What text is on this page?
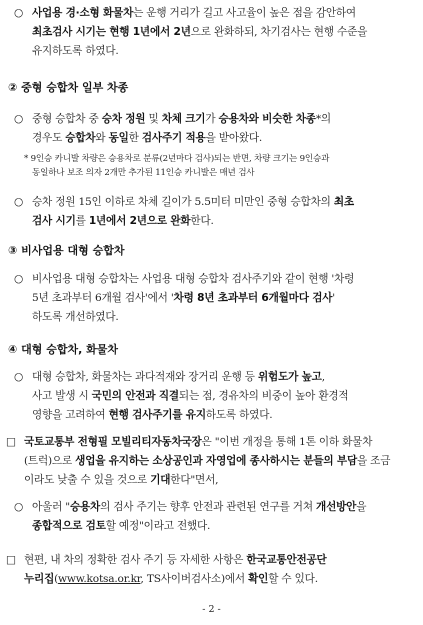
○ 사업용 경·소형 화물차는 운행 거리가 길고 사고율이 높은 점을 감안하여
최초검사 시기는 현행 1년에서 2년으로 완화하되, 차기검사는 현행 수준을
유지하도록 하였다.
② 중형 승합차 일부 차종
○ 중형 승합차 중 승차 정원 및 차체 크기가 승용차와 비슷한 차종*의
경우도 승합차와 동일한 검사주기 적용을 받아왔다.
* 9인승 카니발 차량은 승용차로 분류(2년마다 검사)되는 반면, 차량 크기는 9인승과
동일하나 보조 의자 2개만 추가된 11인승 카니발은 매년 검사
○ 승차 정원 15인 이하로 차체 길이가 5.5미터 미만인 중형 승합차의 최초
검사 시기를 1년에서 2년으로 완화한다.
③ 비사업용 대형 승합차
○ 비사업용 대형 승합차는 사업용 대형 승합차 검사주기와 같이 현행 '차령
5년 초과부터 6개월 검사'에서 '차령 8년 초과부터 6개월마다 검사'
하도록 개선하였다.
④ 대형 승합차, 화물차
○ 대형 승합차, 화물차는 과다적재와 장거리 운행 등 위험도가 높고,
사고 발생 시 국민의 안전과 직결되는 점, 경유차의 비중이 높아 환경적
영향을 고려하여 현행 검사주기를 유지하도록 하였다.
□ 국토교통부 전형필 모빌리티자동차국장은 "이번 개정을 통해 1톤 이하 화물차
(트럭)으로 생업을 유지하는 소상공인과 자영업에 종사하시는 분들의 부담을 조금
이라도 낮출 수 있을 것으로 기대한다"면서,
○ 아울러 "승용차의 검사 주기는 향후 안전과 관련된 연구를 거쳐 개선방안을
종합적으로 검토할 예정"이라고 전했다.
□ 현편, 내 차의 정확한 검사 주기 등 자세한 사항은 한국교통안전공단
누리집(www.kotsa.or.kr, TS사이버검사소)에서 확인할 수 있다.
- 2 -
